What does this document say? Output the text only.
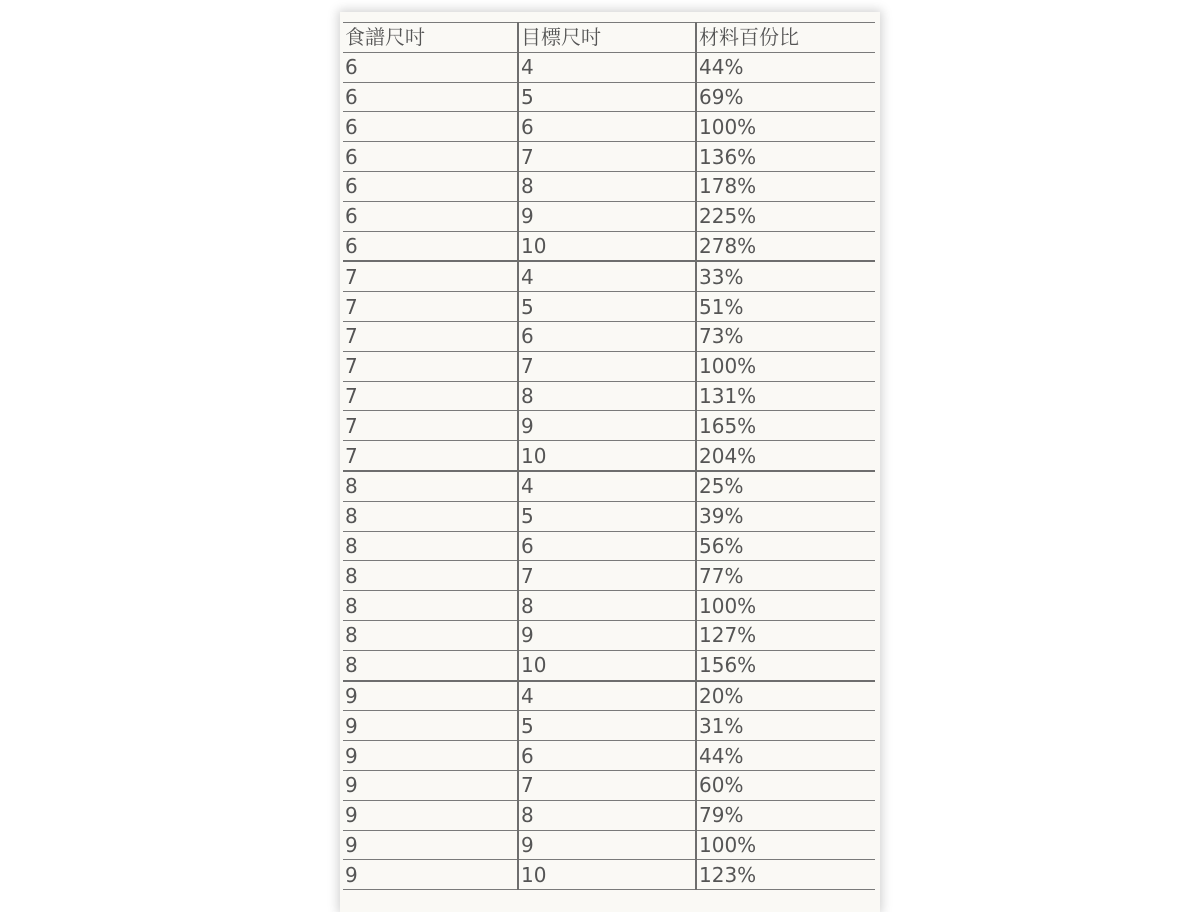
食譜尺吋	目標尺吋	材料百份比
6	4	44%
6	5	69%
6	6	100%
6	7	136%
6	8	178%
6	9	225%
6	10	278%
7	4	33%
7	5	51%
7	6	73%
7	7	100%
7	8	131%
7	9	165%
7	10	204%
8	4	25%
8	5	39%
8	6	56%
8	7	77%
8	8	100%
8	9	127%
8	10	156%
9	4	20%
9	5	31%
9	6	44%
9	7	60%
9	8	79%
9	9	100%
9	10	123%
